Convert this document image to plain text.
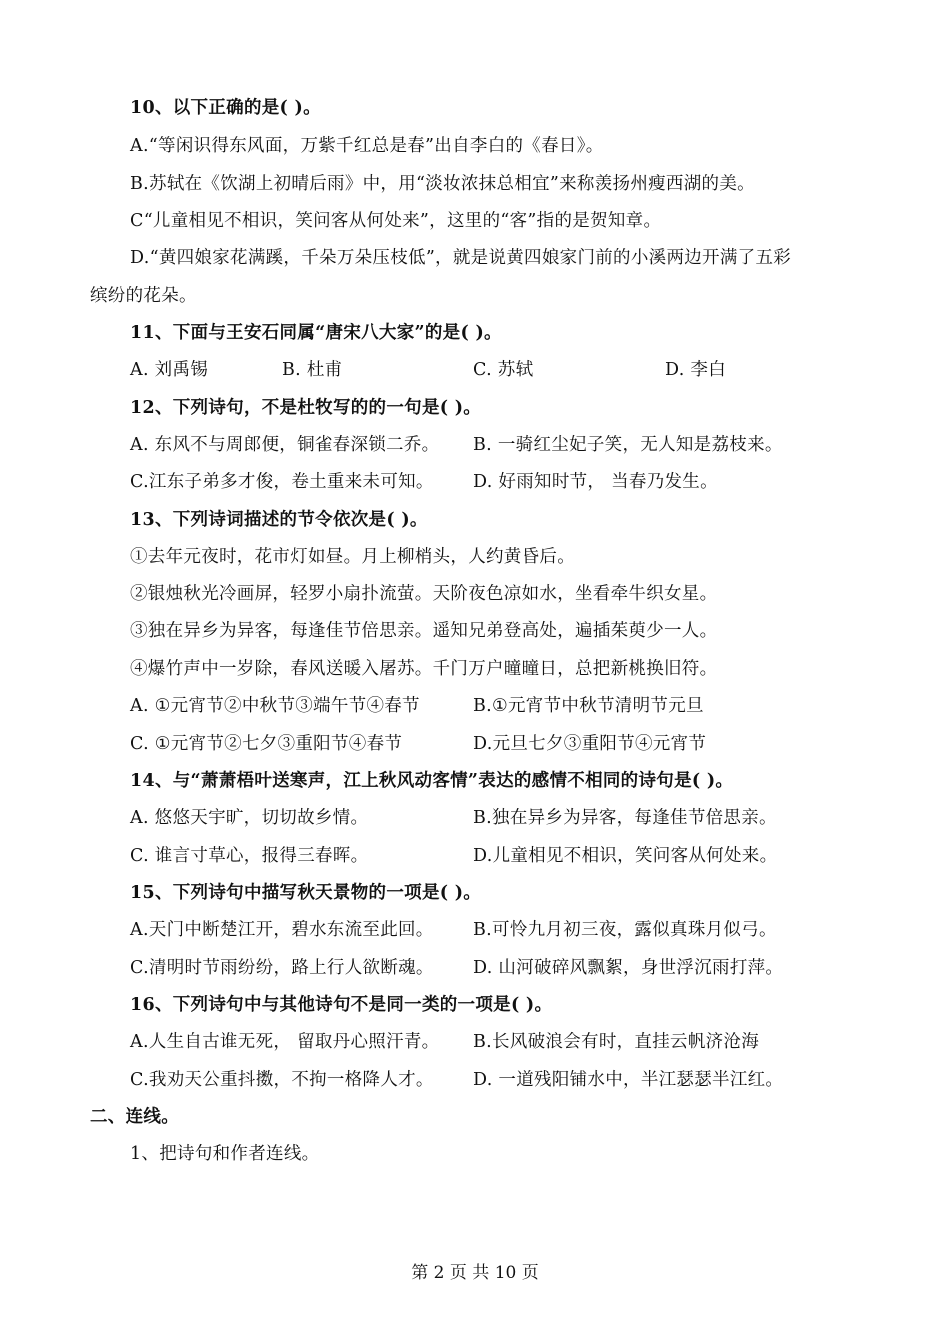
10、以下正确的是( )。
A.“等闲识得东风面，万紫千红总是春”出自李白的《春日》。
B.苏轼在《饮湖上初晴后雨》中，用“淡妆浓抹总相宜”来称羡扬州瘦西湖的美。
C“儿童相见不相识，笑问客从何处来”，这里的“客”指的是贺知章。
D.“黄四娘家花满蹊，千朵万朵压枝低”，就是说黄四娘家门前的小溪两边开满了五彩
缤纷的花朵。
11、下面与王安石同属“唐宋八大家”的是( )。
A. 刘禹锡	B. 杜甫	C. 苏轼	D. 李白
12、下列诗句，不是杜牧写的的一句是( )。
A. 东风不与周郎便，铜雀春深锁二乔。 B. 一骑红尘妃子笑，无人知是荔枝来。
C.江东子弟多才俊，卷土重来未可知。 D. 好雨知时节， 当春乃发生。
13、下列诗词描述的节令依次是( )。
①去年元夜时，花市灯如昼。月上柳梢头，人约黄昏后。
②银烛秋光冷画屏，轻罗小扇扑流萤。天阶夜色凉如水，坐看牵牛织女星。
③独在异乡为异客，每逢佳节倍思亲。遥知兄弟登高处，遍插茱萸少一人。
④爆竹声中一岁除，春风送暖入屠苏。千门万户曈曈日，总把新桃换旧符。
A. ①元宵节②中秋节③端午节④春节	B.①元宵节中秋节清明节元旦
C. ①元宵节②七夕③重阳节④春节	D.元旦七夕③重阳节④元宵节
14、与“萧萧梧叶送寒声，江上秋风动客情”表达的感情不相同的诗句是( )。
A. 悠悠天宇旷，切切故乡情。	B.独在异乡为异客，每逢佳节倍思亲。
C. 谁言寸草心，报得三春晖。	D.儿童相见不相识，笑问客从何处来。
15、下列诗句中描写秋天景物的一项是( )。
A.天门中断楚江开，碧水东流至此回。 B.可怜九月初三夜，露似真珠月似弓。
C.清明时节雨纷纷，路上行人欲断魂。 D. 山河破碎风飘絮，身世浮沉雨打萍。
16、下列诗句中与其他诗句不是同一类的一项是( )。
A.人生自古谁无死， 留取丹心照汗青。 B.长风破浪会有时，直挂云帆济沧海
C.我劝天公重抖擞，不拘一格降人才。 D. 一道残阳铺水中，半江瑟瑟半江红。
二、连线。
1、把诗句和作者连线。
第 2 页 共 10 页
